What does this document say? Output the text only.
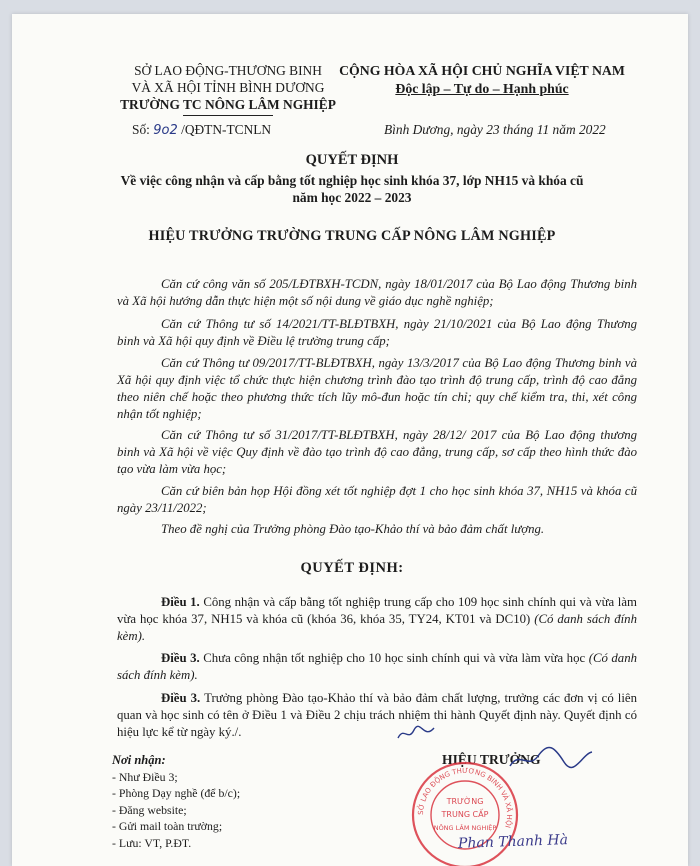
SỞ LAO ĐỘNG-THƯƠNG BINH
VÀ XÃ HỘI TỈNH BÌNH DƯƠNG
TRƯỜNG TC NÔNG LÂM NGHIỆP
CỘNG HÒA XÃ HỘI CHỦ NGHĨA VIỆT NAM
Độc lập – Tự do – Hạnh phúc
Số: 9o2 /QĐTN-TCNLN	Bình Dương, ngày 23 tháng 11 năm 2022
QUYẾT ĐỊNH
Về việc công nhận và cấp bằng tốt nghiệp học sinh khóa 37, lớp NH15 và khóa cũ
năm học 2022 – 2023
HIỆU TRƯỞNG TRƯỜNG TRUNG CẤP NÔNG LÂM NGHIỆP
Căn cứ công văn số 205/LĐTBXH-TCDN, ngày 18/01/2017 của Bộ Lao động Thương binh và Xã hội hướng dẫn thực hiện một số nội dung về giáo dục nghề nghiệp;
Căn cứ Thông tư số 14/2021/TT-BLĐTBXH, ngày 21/10/2021 của Bộ Lao động Thương binh và Xã hội quy định về Điều lệ trường trung cấp;
Căn cứ Thông tư 09/2017/TT-BLĐTBXH, ngày 13/3/2017 của Bộ Lao động Thương binh và Xã hội quy định việc tổ chức thực hiện chương trình đào tạo trình độ trung cấp, trình độ cao đẳng theo niên chế hoặc theo phương thức tích lũy mô-đun hoặc tín chỉ; quy chế kiểm tra, thi, xét công nhận tốt nghiệp;
Căn cứ Thông tư số 31/2017/TT-BLĐTBXH, ngày 28/12/ 2017 của Bộ Lao động thương binh và Xã hội về việc Quy định về đào tạo trình độ cao đẳng, trung cấp, sơ cấp theo hình thức đào tạo vừa làm vừa học;
Căn cứ biên bản họp Hội đồng xét tốt nghiệp đợt 1 cho học sinh khóa 37, NH15 và khóa cũ ngày 23/11/2022;
Theo đề nghị của Trưởng phòng Đào tạo-Khảo thí và bảo đảm chất lượng.
QUYẾT ĐỊNH:

Điều 1. Công nhận và cấp bằng tốt nghiệp trung cấp cho 109 học sinh chính qui và vừa làm vừa học khóa 37, NH15 và khóa cũ (khóa 36, khóa 35, TY24, KT01 và DC10) (Có danh sách đính kèm).

Điều 3. Chưa công nhận tốt nghiệp cho 10 học sinh chính qui và vừa làm vừa học (Có danh sách đính kèm).

Điều 3. Trưởng phòng Đào tạo-Khảo thí và bảo đảm chất lượng, trưởng các đơn vị có liên quan và học sinh có tên ở Điều 1 và Điều 2 chịu trách nhiệm thi hành Quyết định này. Quyết định có hiệu lực kể từ ngày ký./.

Nơi nhận:
- Như Điều 3;
- Phòng Dạy nghề (để b/c);
- Đăng website;
- Gửi mail toàn trường;
- Lưu: VT, P.ĐT.
HIỆU TRƯỞNG
SỞ LAO ĐỘNG THƯƠNG BINH VÀ XÃ HỘI
TRƯỜNG
TRUNG CẤP
NÔNG LÂM NGHIỆP
Phan Thanh Hà
